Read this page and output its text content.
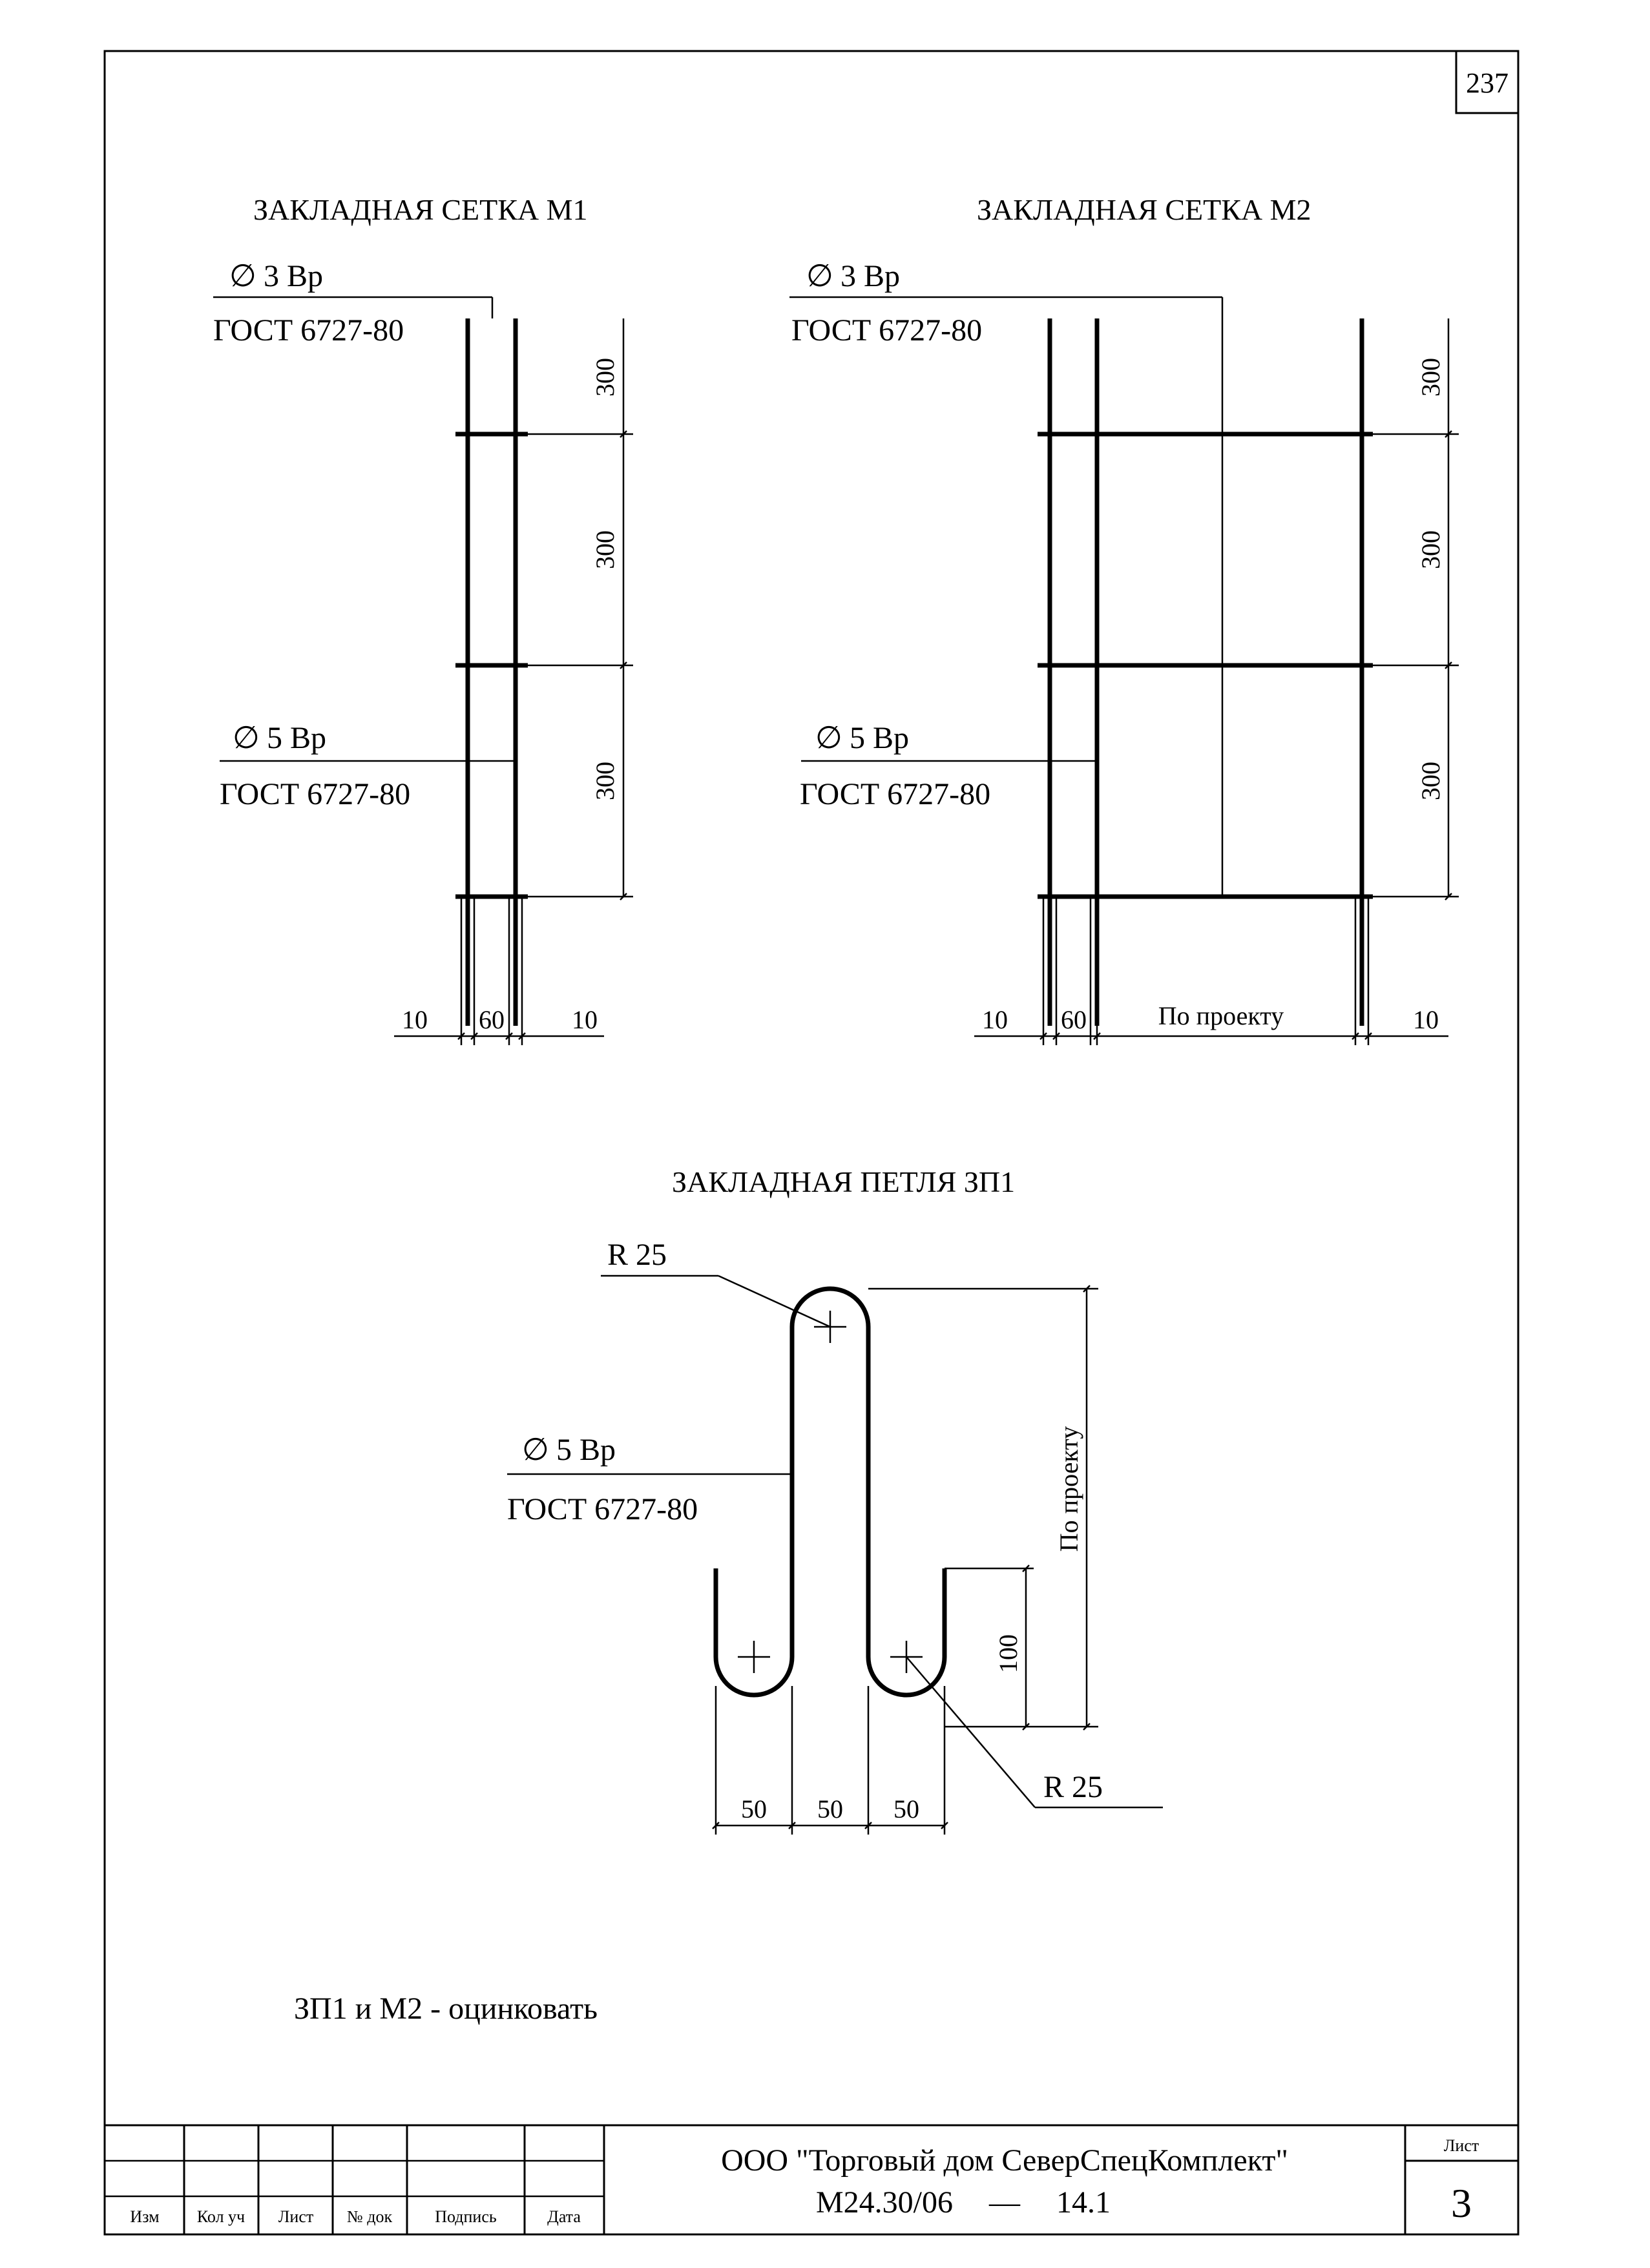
237
ЗАКЛАДНАЯ СЕТКА М1
∅ 3 Вр
ГОСТ 6727-80
300
300
300
∅ 5 Вр
ГОСТ 6727-80
10 60	10
ЗАКЛАДНАЯ СЕТКА М2
∅ 3 Вр
ГОСТ 6727-80
300
300
300
∅ 5 Вр
ГОСТ 6727-80
10 60	По проекту	10
ЗАКЛАДНАЯ ПЕТЛЯ ЗП1
R 25
∅ 5 Вр
ГОСТ 6727-80	По проекту
100
R 25
50 50 50
ЗП1 и М2 - оцинковать
Изм Кол уч Лист № док	Подпись	Дата
ООО "Торговый дом СеверСпецКомплект"
М24.30/06 — 14.1
Лист
3
